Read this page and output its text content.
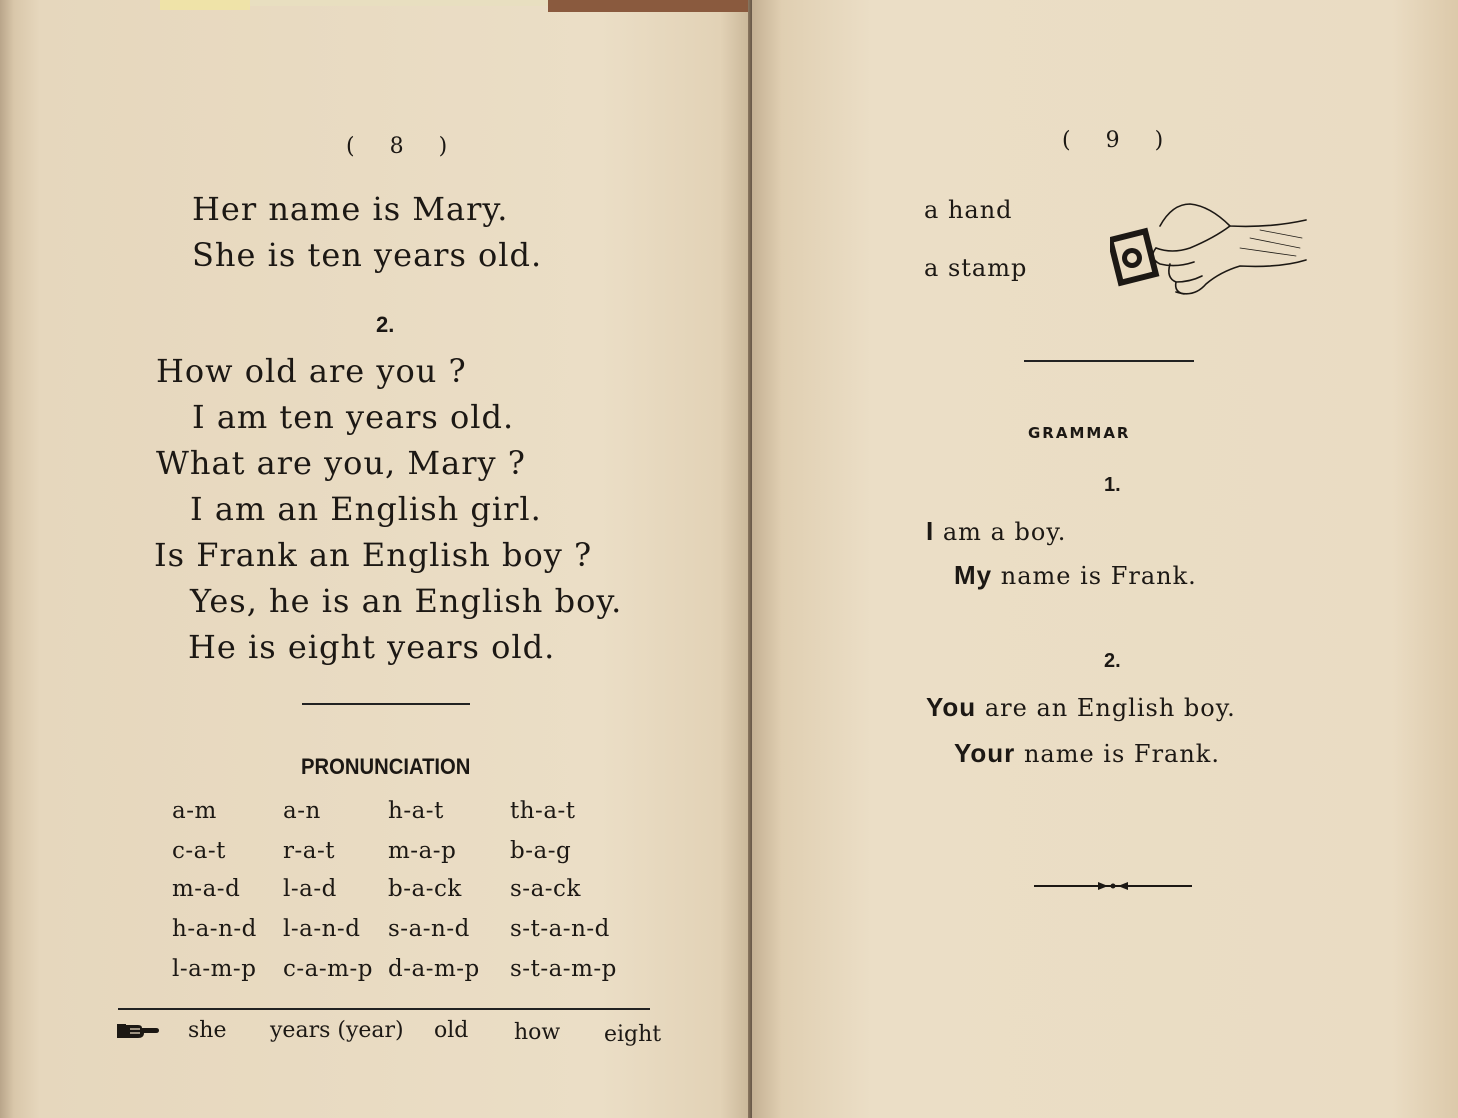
( 8 )
Her name is Mary.
She is ten years old.
2.
How old are you ?
I am ten years old.
What are you, Mary ?
I am an English girl.
Is Frank an English boy ?
Yes, he is an English boy.
He is eight years old.
PRONUNCIATION
a-m	a-n	h-a-t	th-a-t
c-a-t r-a-t m-a-p b-a-g
m-a-d l-a-d b-a-ck s-a-ck
h-a-n-d l-a-n-d s-a-n-d s-t-a-n-d
l-a-m-p c-a-m-p d-a-m-p s-t-a-m-p
she years (year) old how eight
( 9 )
a hand
a stamp
GRAMMAR
1.
I am a boy.
My name is Frank.
2.
You are an English boy.
Your name is Frank.
